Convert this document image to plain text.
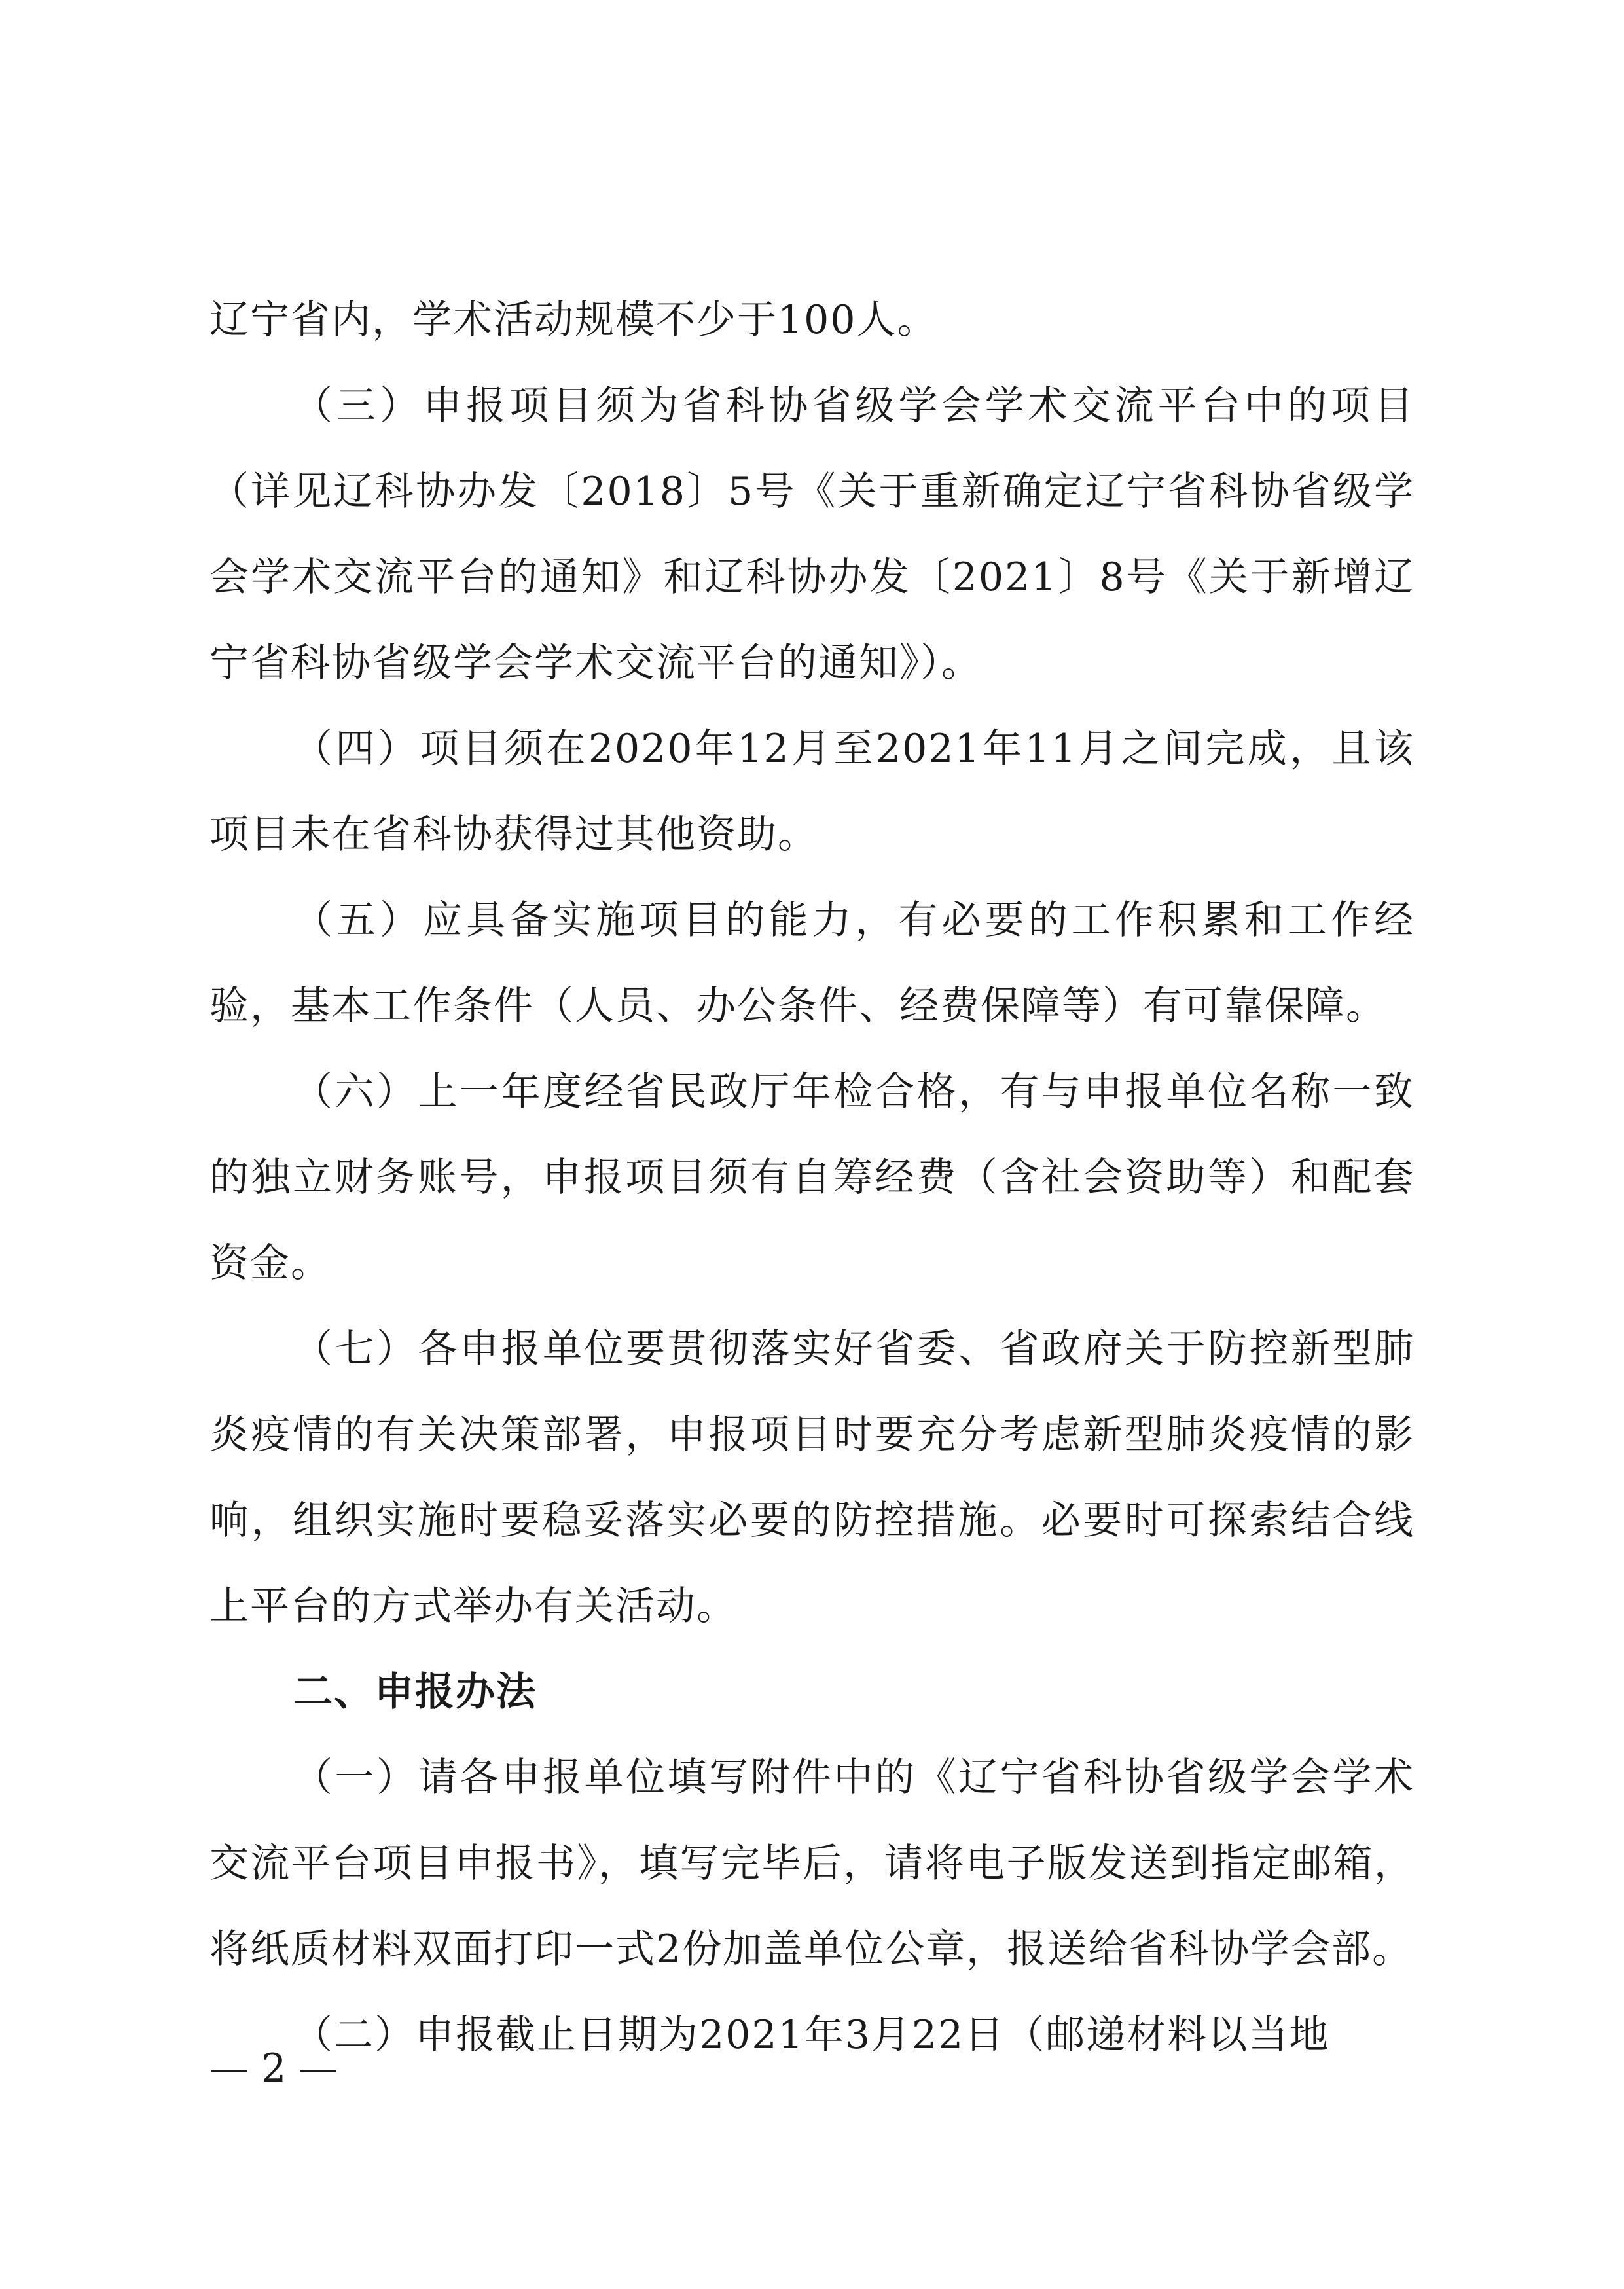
辽宁省内，学术活动规模不少于100人。

（三）申报项目须为省科协省级学会学术交流平台中的项目（详见辽科协办发〔2018〕5号《关于重新确定辽宁省科协省级学会学术交流平台的通知》和辽科协办发〔2021〕8号《关于新增辽宁省科协省级学会学术交流平台的通知》）。

（四）项目须在2020年12月至2021年11月之间完成，且该项目未在省科协获得过其他资助。

（五）应具备实施项目的能力，有必要的工作积累和工作经验，基本工作条件（人员、办公条件、经费保障等）有可靠保障。

（六）上一年度经省民政厅年检合格，有与申报单位名称一致的独立财务账号，申报项目须有自筹经费（含社会资助等）和配套资金。

（七）各申报单位要贯彻落实好省委、省政府关于防控新型肺炎疫情的有关决策部署，申报项目时要充分考虑新型肺炎疫情的影响，组织实施时要稳妥落实必要的防控措施。必要时可探索结合线上平台的方式举办有关活动。

二、申报办法

（一）请各申报单位填写附件中的《辽宁省科协省级学会学术交流平台项目申报书》，填写完毕后，请将电子版发送到指定邮箱，将纸质材料双面打印一式2份加盖单位公章，报送给省科协学会部。

（二）申报截止日期为2021年3月22日（邮递材料以当地

— 2 —
